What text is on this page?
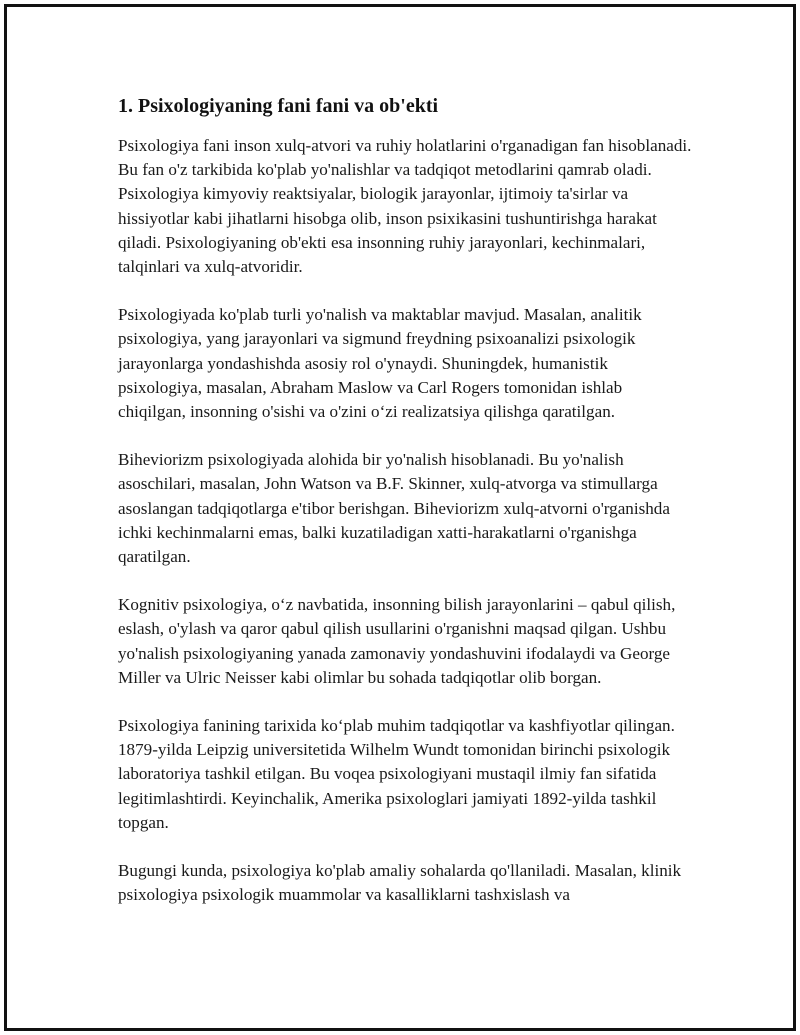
1. Psixologiyaning fani fani va ob'ekti

Psixologiya fani inson xulq-atvori va ruhiy holatlarini o'rganadigan fan hisoblanadi. Bu fan o'z tarkibida ko'plab yo'nalishlar va tadqiqot metodlarini qamrab oladi. Psixologiya kimyoviy reaktsiyalar, biologik jarayonlar, ijtimoiy ta'sirlar va hissiyotlar kabi jihatlarni hisobga olib, inson psixikasini tushuntirishga harakat qiladi. Psixologiyaning ob'ekti esa insonning ruhiy jarayonlari, kechinmalari, talqinlari va xulq-atvoridir.

Psixologiyada ko'plab turli yo'nalish va maktablar mavjud. Masalan, analitik psixologiya, yang jarayonlari va sigmund freydning psixoanalizi psixologik jarayonlarga yondashishda asosiy rol o'ynaydi. Shuningdek, humanistik psixologiya, masalan, Abraham Maslow va Carl Rogers tomonidan ishlab chiqilgan, insonning o'sishi va o'zini o‘zi realizatsiya qilishga qaratilgan.

Biheviorizm psixologiyada alohida bir yo'nalish hisoblanadi. Bu yo'nalish asoschilari, masalan, John Watson va B.F. Skinner, xulq-atvorga va stimullarga asoslangan tadqiqotlarga e'tibor berishgan. Biheviorizm xulq-atvorni o'rganishda ichki kechinmalarni emas, balki kuzatiladigan xatti-harakatlarni o'rganishga qaratilgan.

Kognitiv psixologiya, o‘z navbatida, insonning bilish jarayonlarini – qabul qilish, eslash, o'ylash va qaror qabul qilish usullarini o'rganishni maqsad qilgan. Ushbu yo'nalish psixologiyaning yanada zamonaviy yondashuvini ifodalaydi va George Miller va Ulric Neisser kabi olimlar bu sohada tadqiqotlar olib borgan.

Psixologiya fanining tarixida ko‘plab muhim tadqiqotlar va kashfiyotlar qilingan. 1879-yilda Leipzig universitetida Wilhelm Wundt tomonidan birinchi psixologik laboratoriya tashkil etilgan. Bu voqea psixologiyani mustaqil ilmiy fan sifatida legitimlashtirdi. Keyinchalik, Amerika psixologlari jamiyati 1892-yilda tashkil topgan.

Bugungi kunda, psixologiya ko'plab amaliy sohalarda qo'llaniladi. Masalan, klinik psixologiya psixologik muammolar va kasalliklarni tashxislash va
